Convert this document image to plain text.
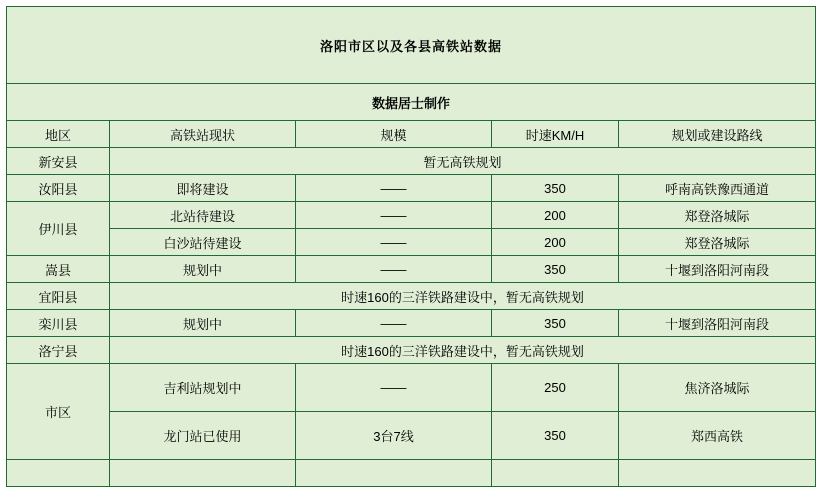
洛阳市区以及各县高铁站数据				
数据居士制作				
地区	高铁站现状	规模	时速KM/H	规划或建设路线
新安县	暂无高铁规划			
汝阳县	即将建设	——	350	呼南高铁豫西通道
伊川县	北站待建设	——	200	郑登洛城际
	白沙站待建设	——	200	郑登洛城际
嵩县	规划中	——	350	十堰到洛阳河南段
宜阳县	时速160的三洋铁路建设中，暂无高铁规划			
栾川县	规划中	——	350	十堰到洛阳河南段
洛宁县	时速160的三洋铁路建设中，暂无高铁规划			
市区	吉利站规划中	——	250	焦济洛城际
	龙门站已使用	3台7线	350	郑西高铁
